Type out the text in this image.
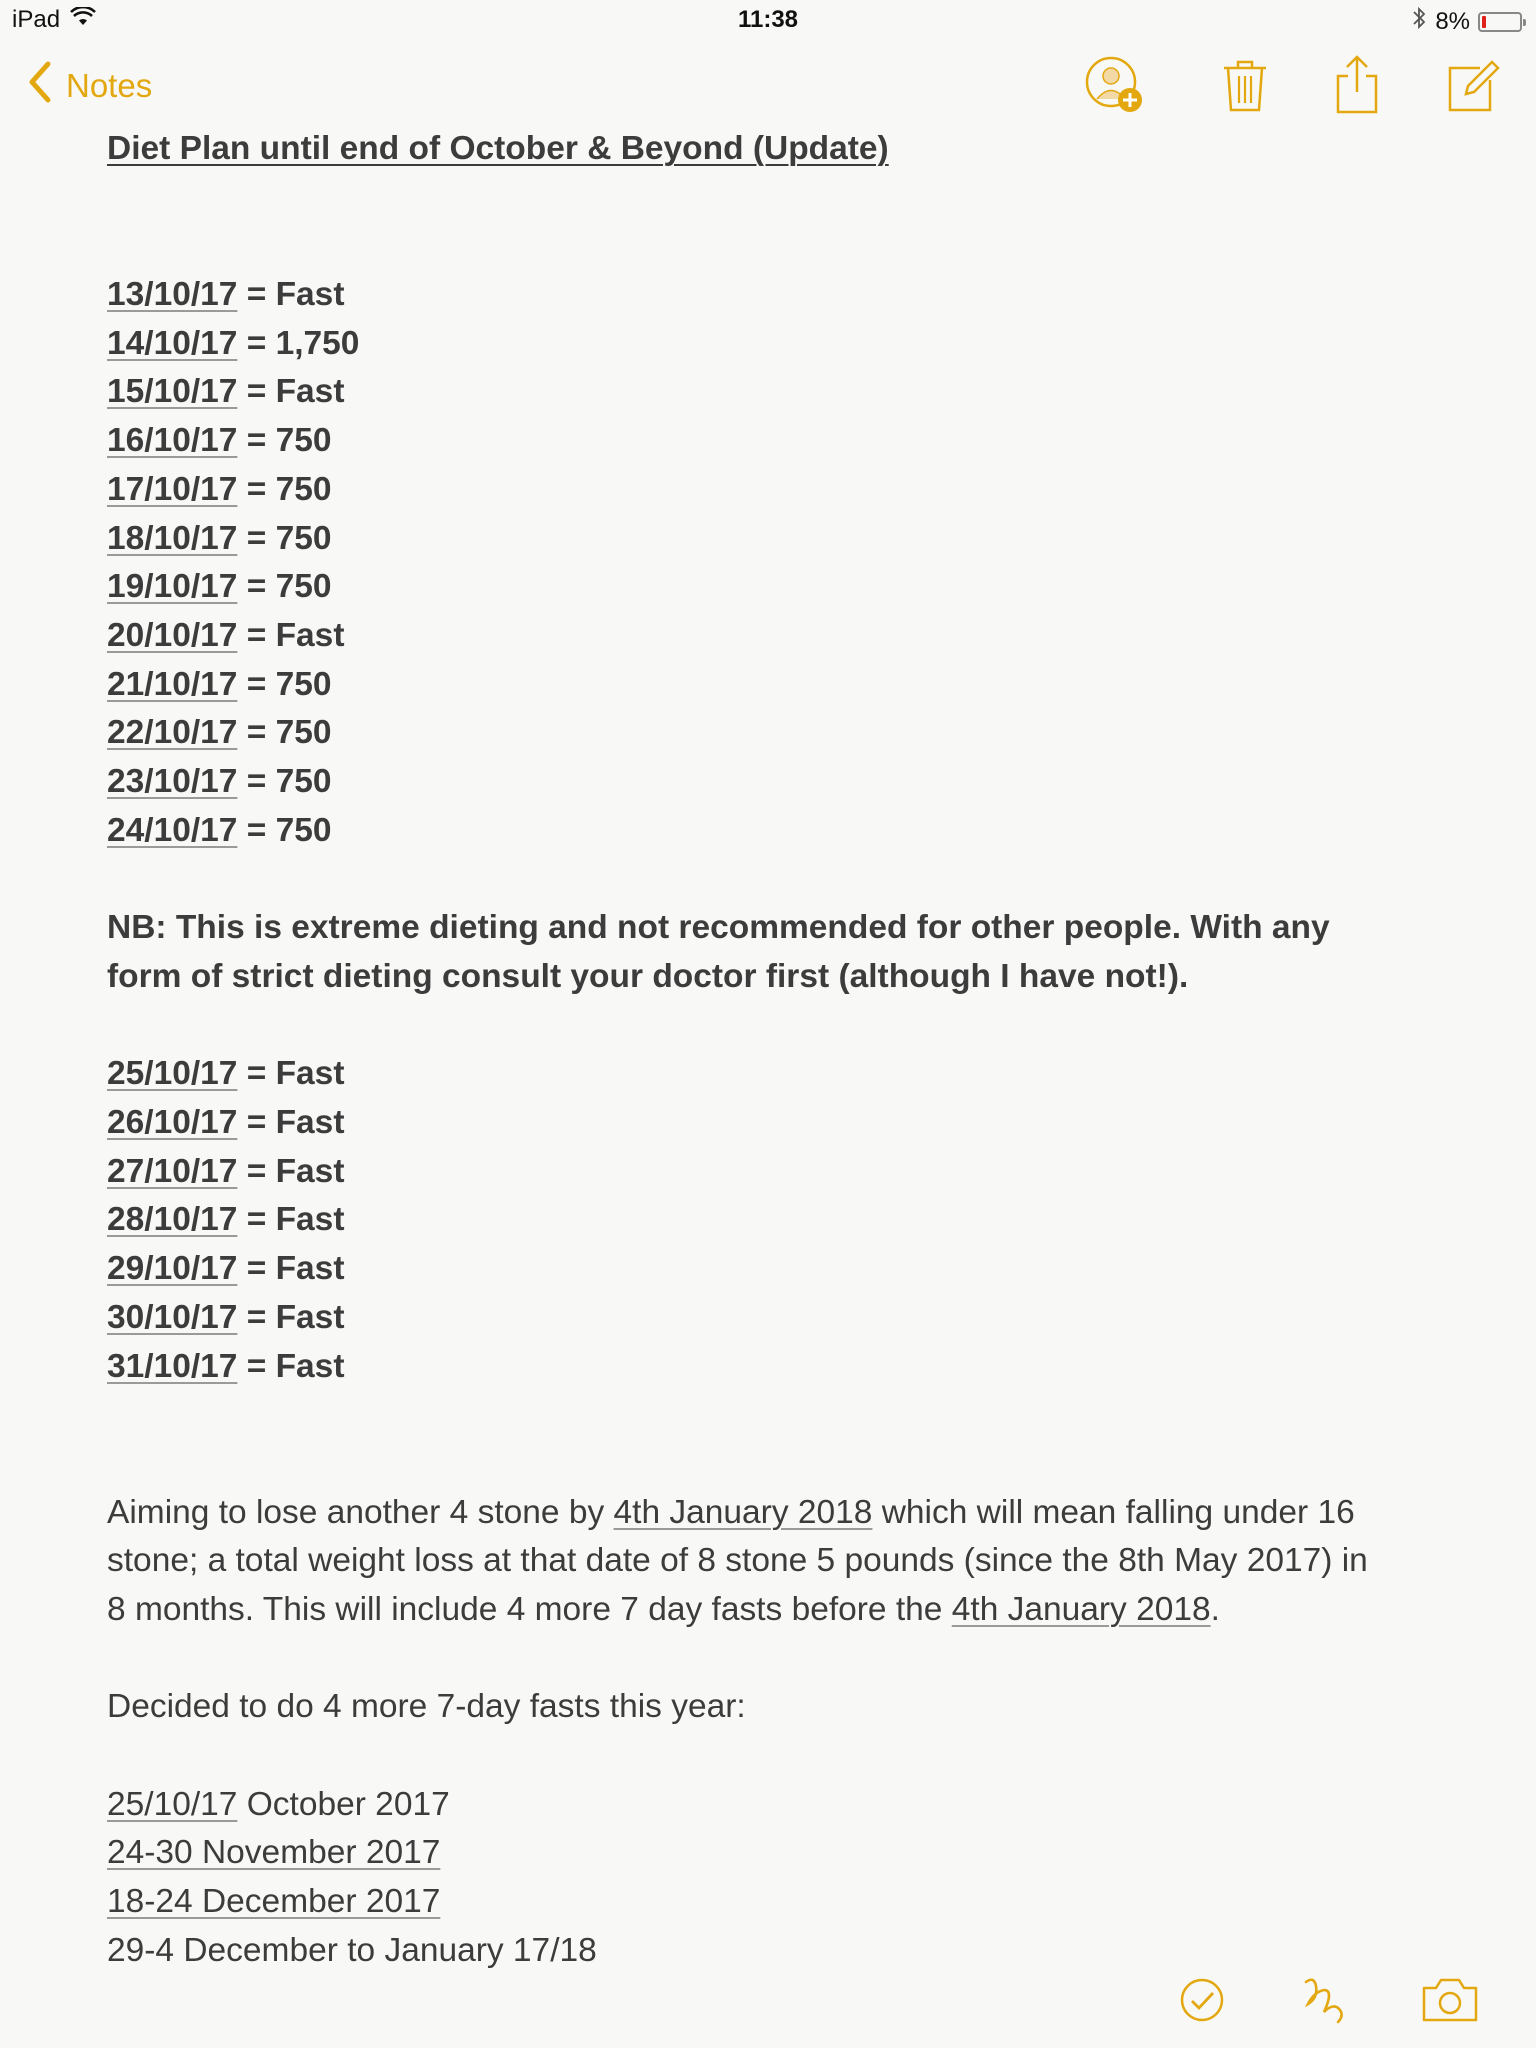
iPad	11:38	8%
Notes
Diet Plan until end of October & Beyond (Update)
13/10/17 = Fast
14/10/17 = 1,750
15/10/17 = Fast
16/10/17 = 750
17/10/17 = 750
18/10/17 = 750
19/10/17 = 750
20/10/17 = Fast
21/10/17 = 750
22/10/17 = 750
23/10/17 = 750
24/10/17 = 750
NB: This is extreme dieting and not recommended for other people. With any
form of strict dieting consult your doctor first (although I have not!).
25/10/17 = Fast
26/10/17 = Fast
27/10/17 = Fast
28/10/17 = Fast
29/10/17 = Fast
30/10/17 = Fast
31/10/17 = Fast
Aiming to lose another 4 stone by 4th January 2018 which will mean falling under 16
stone; a total weight loss at that date of 8 stone 5 pounds (since the 8th May 2017) in
8 months. This will include 4 more 7 day fasts before the 4th January 2018.
Decided to do 4 more 7-day fasts this year:
25/10/17 October 2017
24-30 November 2017
18-24 December 2017
29-4 December to January 17/18
